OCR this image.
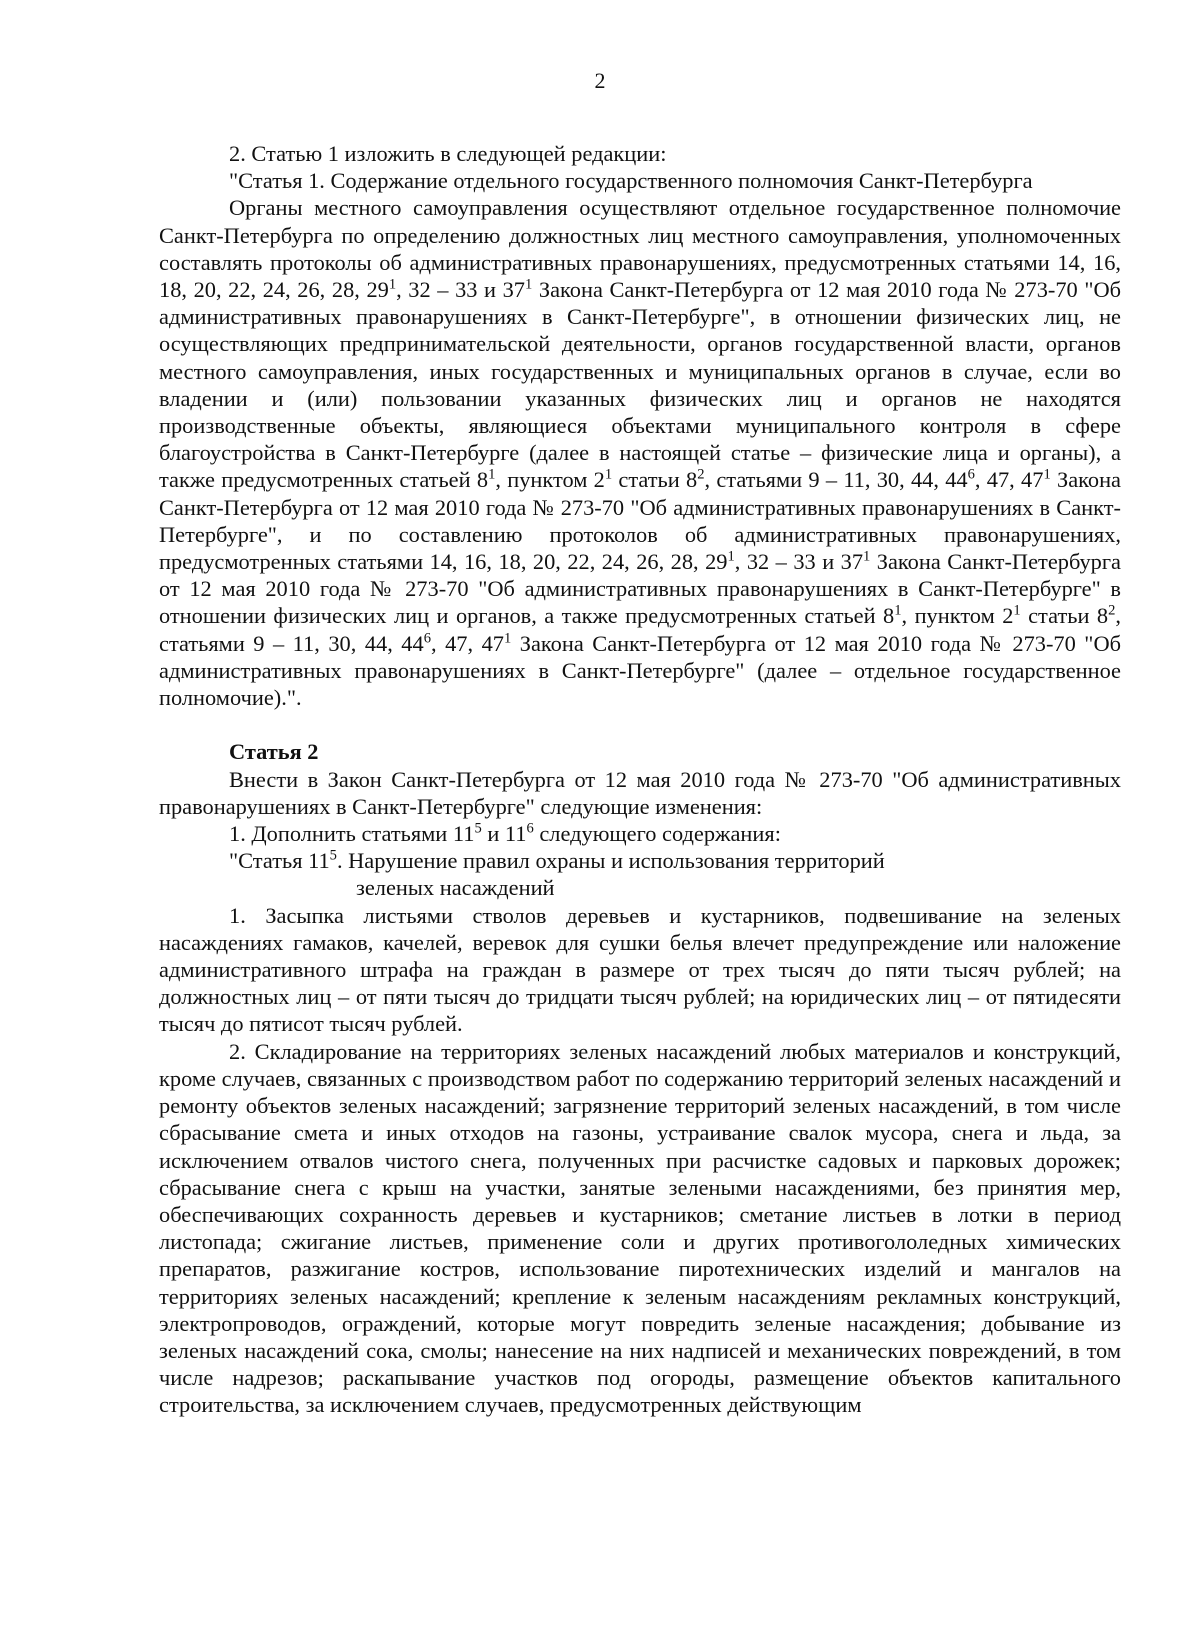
2

2. Статью 1 изложить в следующей редакции:

"Статья 1. Содержание отдельного государственного полномочия Санкт-Петербурга

Органы местного самоуправления осуществляют отдельное государственное полномочие Санкт-Петербурга по определению должностных лиц местного самоуправления, уполномоченных составлять протоколы об административных правонарушениях, предусмотренных статьями 14, 16, 18, 20, 22, 24, 26, 28, $29^1$, 32 – 33 и $37^1$ Закона Санкт-Петербурга от 12 мая 2010 года № 273-70 "Об административных правонарушениях в Санкт-Петербурге", в отношении физических лиц, не осуществляющих предпринимательской деятельности, органов государственной власти, органов местного самоуправления, иных государственных и муниципальных органов в случае, если во владении и (или) пользовании указанных физических лиц и органов не находятся производственные объекты, являющиеся объектами муниципального контроля в сфере благоустройства в Санкт-Петербурге (далее в настоящей статье – физические лица и органы), а также предусмотренных статьей $8^1$, пунктом $2^1$ статьи $8^2$, статьями 9 – 11, 30, 44, $44^6$, 47, $47^1$ Закона Санкт-Петербурга от 12 мая 2010 года № 273-70 "Об административных правонарушениях в Санкт-Петербурге", и по составлению протоколов об административных правонарушениях, предусмотренных статьями 14, 16, 18, 20, 22, 24, 26, 28, $29^1$, 32 – 33 и $37^1$ Закона Санкт-Петербурга от 12 мая 2010 года № 273-70 "Об административных правонарушениях в Санкт-Петербурге" в отношении физических лиц и органов, а также предусмотренных статьей $8^1$, пунктом $2^1$ статьи $8^2$, статьями 9 – 11, 30, 44, $44^6$, 47, $47^1$ Закона Санкт-Петербурга от 12 мая 2010 года № 273-70 "Об административных правонарушениях в Санкт-Петербурге" (далее – отдельное государственное полномочие).".

Статья 2

Внести в Закон Санкт-Петербурга от 12 мая 2010 года № 273-70 "Об административных правонарушениях в Санкт-Петербурге" следующие изменения:

1. Дополнить статьями $11^5$ и $11^6$ следующего содержания:

"Статья $11^5$. Нарушение правил охраны и использования территорий

зеленых насаждений

1. Засыпка листьями стволов деревьев и кустарников, подвешивание на зеленых насаждениях гамаков, качелей, веревок для сушки белья влечет предупреждение или наложение административного штрафа на граждан в размере от трех тысяч до пяти тысяч рублей; на должностных лиц – от пяти тысяч до тридцати тысяч рублей; на юридических лиц – от пятидесяти тысяч до пятисот тысяч рублей.

2. Складирование на территориях зеленых насаждений любых материалов и конструкций, кроме случаев, связанных с производством работ по содержанию территорий зеленых насаждений и ремонту объектов зеленых насаждений; загрязнение территорий зеленых насаждений, в том числе сбрасывание смета и иных отходов на газоны, устраивание свалок мусора, снега и льда, за исключением отвалов чистого снега, полученных при расчистке садовых и парковых дорожек; сбрасывание снега с крыш на участки, занятые зелеными насаждениями, без принятия мер, обеспечивающих сохранность деревьев и кустарников; сметание листьев в лотки в период листопада; сжигание листьев, применение соли и других противогололедных химических препаратов, разжигание костров, использование пиротехнических изделий и мангалов на территориях зеленых насаждений; крепление к зеленым насаждениям рекламных конструкций, электропроводов, ограждений, которые могут повредить зеленые насаждения; добывание из зеленых насаждений сока, смолы; нанесение на них надписей и механических повреждений, в том числе надрезов; раскапывание участков под огороды, размещение объектов капитального строительства, за исключением случаев, предусмотренных действующим
